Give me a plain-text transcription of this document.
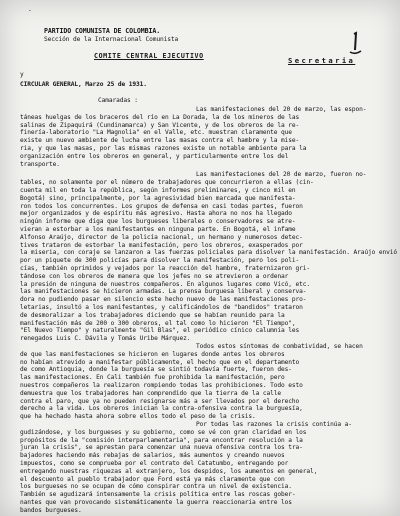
-
PARTIDO COMUNISTA DE COLOMBIA.
Sección de la Internacional Comunista
COMITE CENTRAL EJECUTIVO	Secretaria
y
CIRCULAR GENERAL, Marzo 25 de 1931.
Camaradas :
Las manifestaciones del 20 de marzo, las espon-
táneas huelgas de los braceros del río en La Dorada, la de los mineros de las
salinas de Zipaquirá (Cundinamarca) y San Vicente, y de los obreros de la re-
finería-laboratorio "La Magnolia" en el Valle, etc. muestran claramente que
existe un nuevo ambiente de lucha entre las masas contra el hambre y la mise-
ria, y que las masas, por las mismas razones existe un notable ambiente para la
organización entre los obreros en general, y particularmente entre los del
transporte.
Las manifestaciones del 20 de marzo, fueron no-
tables, no solamente por el número de trabajadores que concurrieron a ellas (cin-
cuenta mil en toda la república, según informes preliminares, y cinco mil en
Bogotá) sino, principalmente, por la agresividad bien marcada que manifesta-
ron todos los concurrentes. Los grupos de defensa en casi todas partes, fueron
mejor organizados y de espíritu más agresivo. Hasta ahora no nos ha llegado
ningún informe que diga que los burgueses liberales o conservadores se atre-
vieran a estorbar a los manifestantes en ninguna parte. En Bogotá, el infame
Alfonso Araújo, director de la policía nacional, un hermano y numerosos detec-
tives trataron de estorbar la manifestación, pero los obreros, exasperados por
la miseria, con coraje se lanzaron a las fuerzas policiales para disolver la manifestación. Araújo envió
por un piquete de 300 policías para disolver la manifestación, pero los poli-
cías, también oprimidos y vejados por la reacción del hambre, fraternizaron gri-
tándose con los obreros de manera que los jefes no se atrevieron a ordenar
la presión de ninguna de nuestros compañeros. En algunos lugares como Vicó, etc.
las manifestaciones se hicieron armadas. La prensa burguesa liberal y conserva-
dora no pudiendo pasar en silencio este hecho nuevo de las manifestaciones pro-
letarias, insultó a los manifestantes, y calificándolos de "bandidos" trataron
de desmoralizar a los trabajadores diciendo que se habían reunido para la
manifestación más de 200 o 300 obreros, el tal como lo hicieron "El Tiempo",
"El Nuevo Tiempo" y naturalmente "Gil Blas", el periódico cínico calumnia les
renegados Luis C. Dávila y Tomás Uribe Márquez.
Todos estos síntomas de combatividad, se hacen
de que las manifestaciones se hicieron en lugares donde antes los obreros
no habían atrevido a manifestar públicamente, el hecho que en el departamento
de como Antioquia, donde la burguesía se sintió todavía fuerte, fueron des-
las manifestaciones. En Cali también fue prohibida la manifestación, pero
nuestros compañeros la realizaron rompiendo todas las prohibiciones. Todo esto
demuestra que los trabajadores han comprendido que la tierra de la calle
contra el paro, que ya no pueden resignarse más a ser llevados por el derecho
derecho a la vida. Los obreros inician la contra-ofensiva contra la burguesía,
que ha hechado hasta ahora sobre ellos todo el peso de la crisis.
Por todas las razones la crisis continúa a-
gudizándose, y los burgueses y su gobierno, como se vé con gran claridad en los
propósitos de la "comisión interparlamentaria", para encontrar resolución a la
juran la crisis", se aprestan para comenzar una nueva ofensiva contra los tra-
bajadores haciendo más rebajas de salarios, más aumentos y creando nuevos
impuestos, como se comprueba por el contrato del Catatumbo, entregando por
entregando nuestras riquezas al extranjero, los despidos, los aumentos en general,
el descuento al pueblo trabajador que Ford está ya más claramente que con
los burgueses no se ocupan de cómo conspirar contra un nivel de existencia.
También se agudizará intensamente la crisis política entre las roscas gober-
nantes que van provocando sistemáticamente la guerra reaccionaria entre los
bandos burgueses.
